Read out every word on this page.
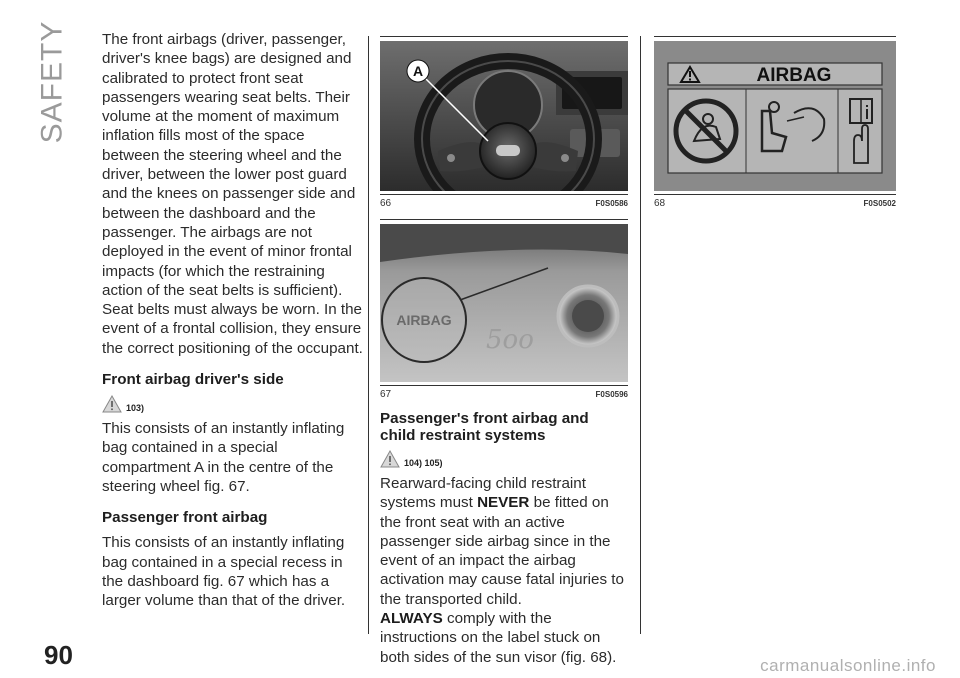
SAFETY The front airbags (driver, passenger, driver's knee bags) are designed and calibrated to protect front seat passengers wearing seat belts. Their volume at the moment of maximum inflation fills most of the space between the steering wheel and the driver, between the lower post guard and the knees on passenger side and between the dashboard and the passenger. The airbags are not deployed in the event of minor frontal impacts (for which the restraining action of the seat belts is sufficient). Seat belts must always be worn. In the event of a frontal collision, they ensure the correct positioning of the occupant.

Front airbag driver's side
103)

This consists of an instantly inflating bag contained in a special compartment A in the centre of the steering wheel fig. 67.

Passenger front airbag

This consists of an instantly inflating bag contained in a special recess in the dashboard fig. 67 which has a larger volume than that of the driver.

A
66	F0S0586
5oo
AIRBAG
67	F0S0596
Passenger's front airbag and child restraint systems
104) 105)

Rearward-facing child restraint systems must NEVER be fitted on the front seat with an active passenger side airbag since in the event of an impact the airbag activation may cause fatal injuries to the transported child.
ALWAYS comply with the instructions on the label stuck on both sides of the sun visor (fig. 68).

AIRBAG
68	F0S0502
90	carmanualsonline.info
